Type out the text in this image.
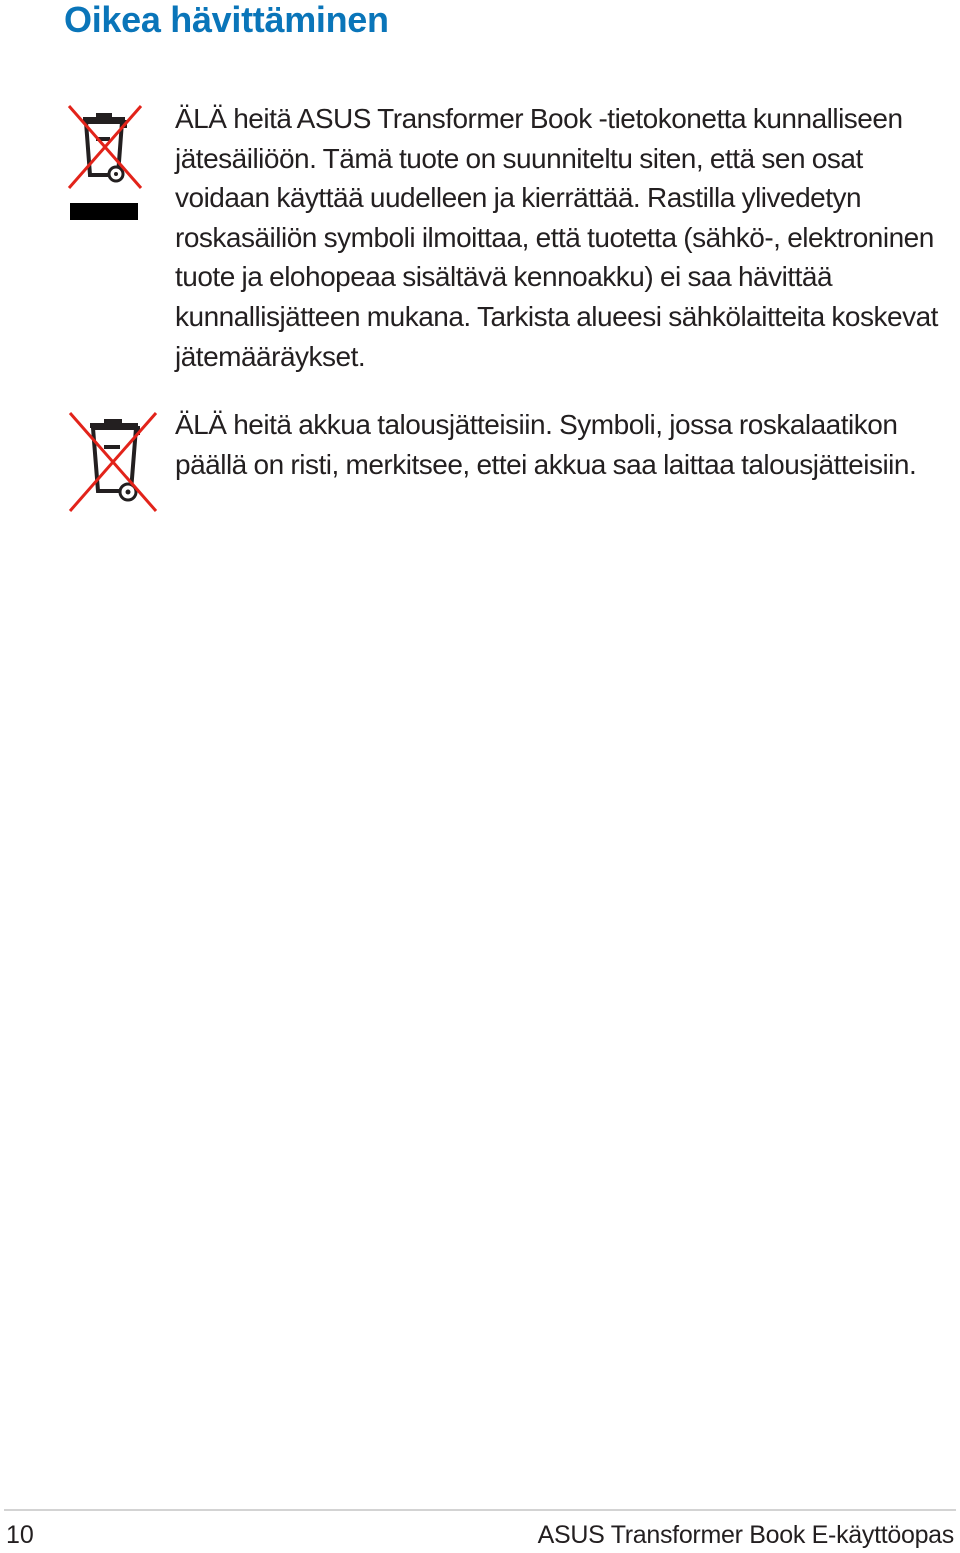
Oikea hävittäminen

ÄLÄ heitä ASUS Transformer Book -tietokonetta kunnalliseen jätesäiliöön. Tämä tuote on suunniteltu siten, että sen osat voidaan käyttää uudelleen ja kierrättää. Rastilla ylivedetyn roskasäiliön symboli ilmoittaa, että tuotetta (sähkö-, elektroninen tuote ja elohopeaa sisältävä kennoakku) ei saa hävittää kunnallisjätteen mukana. Tarkista alueesi sähkölaitteita koskevat jätemääräykset.

ÄLÄ heitä akkua talousjätteisiin. Symboli, jossa roskalaatikon päällä on risti, merkitsee, ettei akkua saa laittaa talousjätteisiin.

10	ASUS Transformer Book E-käyttöopas
